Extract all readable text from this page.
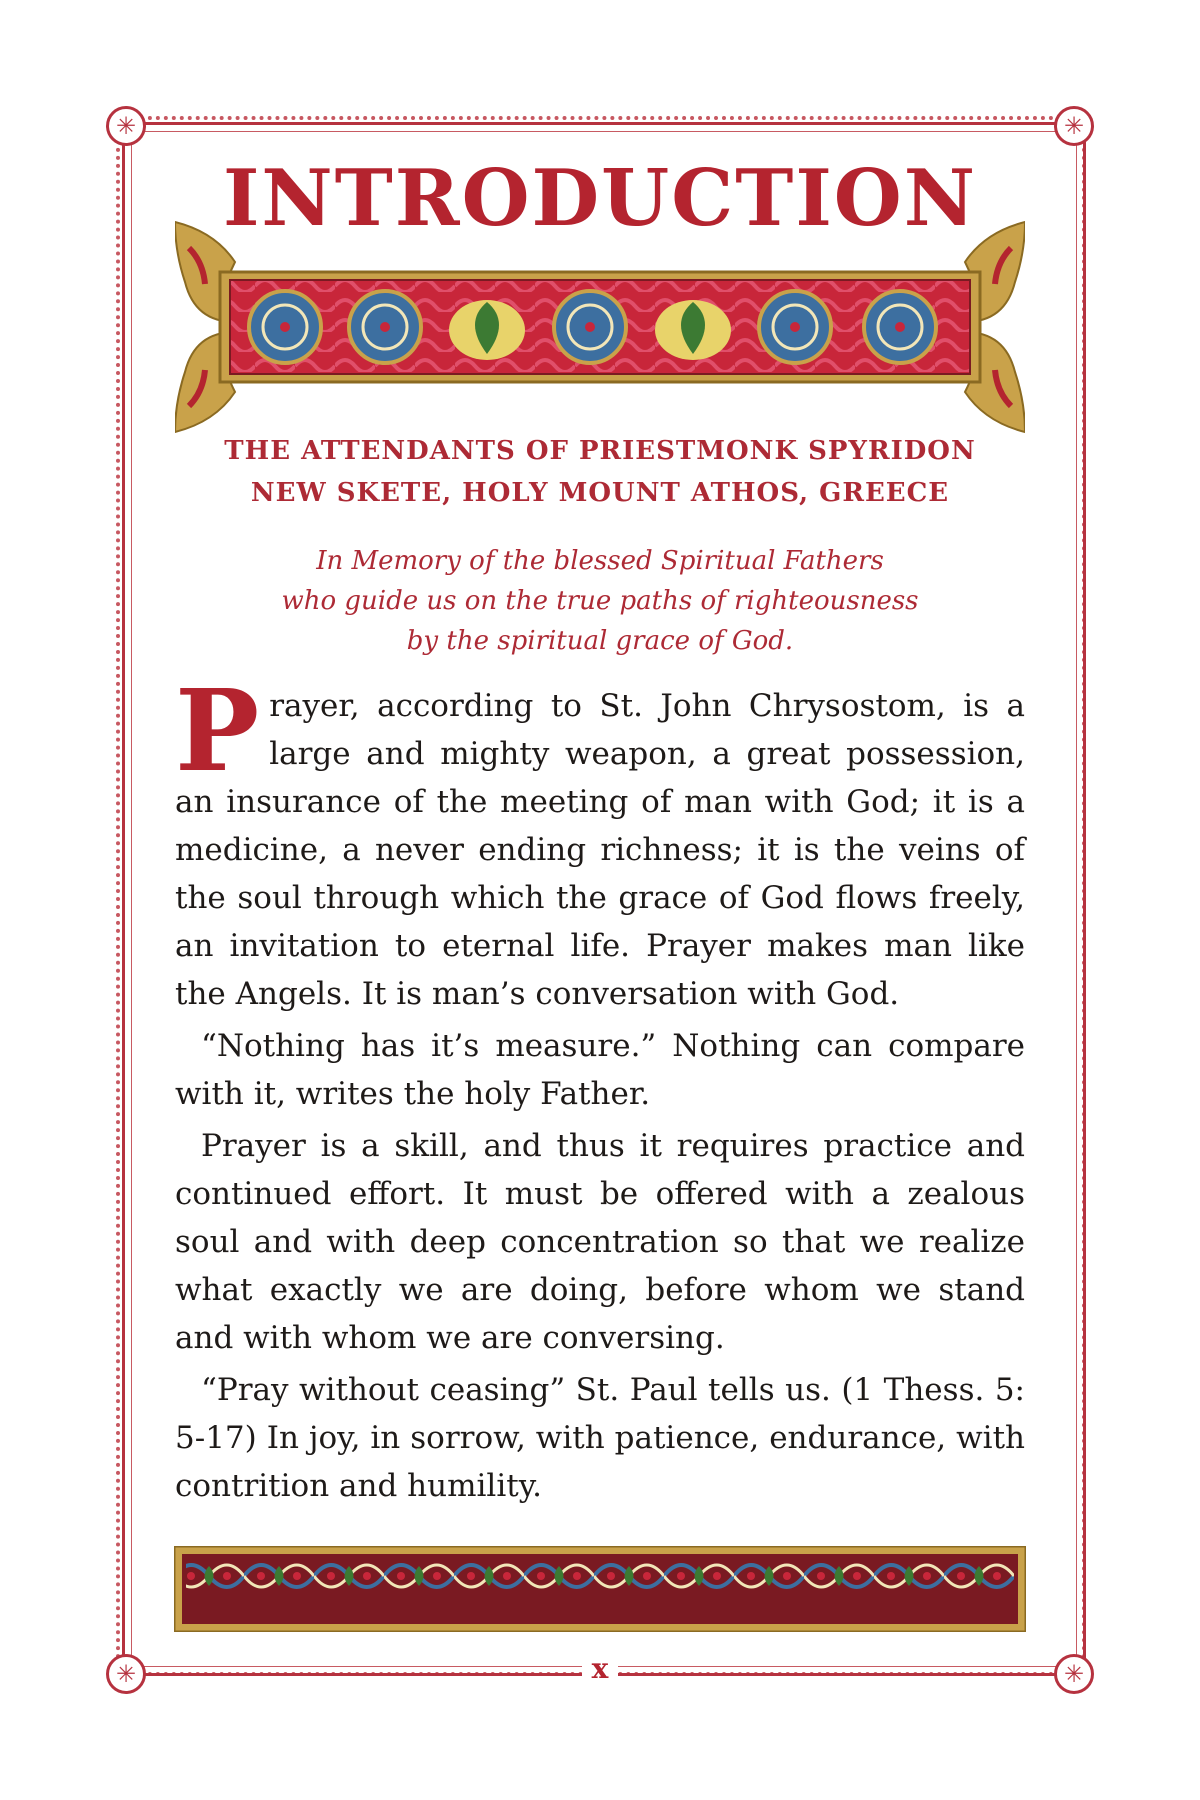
✳	✳
✳	✳
INTRODUCTION
THE ATTENDANTS OF PRIESTMONK SPYRIDON
NEW SKETE, HOLY MOUNT ATHOS, GREECE
In Memory of the blessed Spiritual Fathers
who guide us on the true paths of righteousness
by the spiritual grace of God.

Prayer, according to St. John Chrysostom, is a large and mighty weapon, a great possession, an insurance of the meeting of man with God; it is a medicine, a never ending richness; it is the veins of the soul through which the grace of God flows freely, an invitation to eternal life. Prayer makes man like the Angels. It is man’s conversation with God.

“Nothing has it’s measure.” Nothing can compare with it, writes the holy Father.

Prayer is a skill, and thus it requires practice and continued effort. It must be offered with a zealous soul and with deep concentration so that we realize what exactly we are doing, before whom we stand and with whom we are conversing.

“Pray without ceasing” St. Paul tells us. (1 Thess. 5: 5-17) In joy, in sorrow, with patience, endurance, with contrition and humility.

x
